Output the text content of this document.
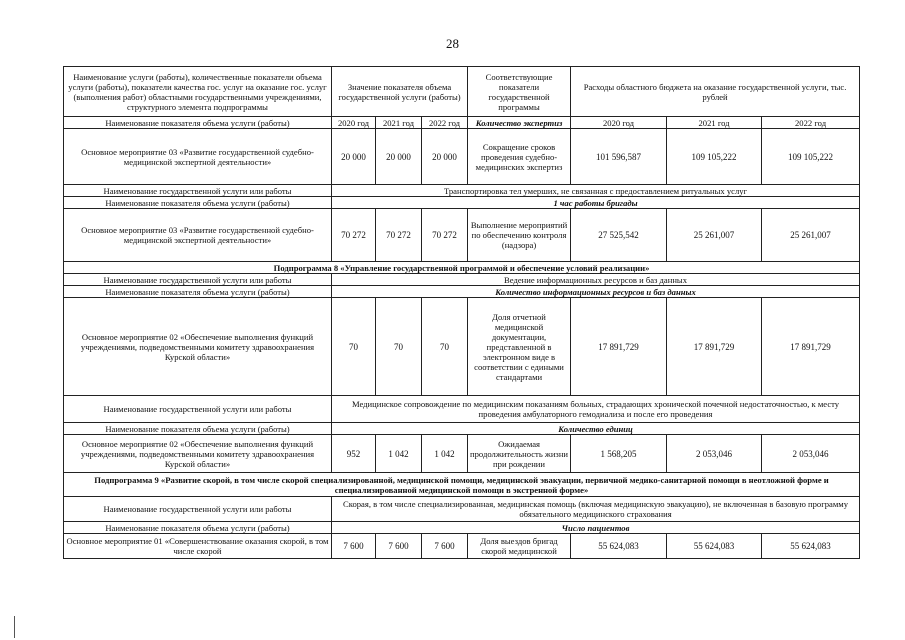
28
Наименование услуги (работы), количественные показатели объема услуги (работы), показатели качества гос. услуг на оказание гос. услуг (выполнения работ) областными государственными учреждениями, структурного элемента подпрограммы	Значение показателя объема государственной услуги (работы)			Соответствующие показатели государственной программы	Расходы областного бюджета на оказание государственной услуги, тыс. рублей		
Наименование показателя объема услуги (работы)	2020 год	2021 год	2022 год	Количество экспертиз	2020 год	2021 год	2022 год
Основное мероприятие 03 «Развитие государственной судебно-медицинской экспертной деятельности»	20 000	20 000	20 000	Сокращение сроков проведения судебно-медицинских экспертиз	101 596,587	109 105,222	109 105,222
Наименование государственной услуги или работы	Транспортировка тел умерших, не связанная с предоставлением ритуальных услуг						
Наименование показателя объема услуги (работы)	1 час работы бригады						
Основное мероприятие 03 «Развитие государственной судебно-медицинской экспертной деятельности»	70 272	70 272	70 272	Выполнение мероприятий по обеспечению контроля (надзора)	27 525,542	25 261,007	25 261,007
Подпрограмма 8 «Управление государственной программой и обеспечение условий реализации»							
Наименование государственной услуги или работы	Ведение информационных ресурсов и баз данных						
Наименование показателя объема услуги (работы)	Количество информационных ресурсов и баз данных						
Основное мероприятие 02 «Обеспечение выполнения функций учреждениями, подведомственными комитету здравоохранения Курской области»	70	70	70	Доля отчетной медицинской документации, представленной в электронном виде в соответствии с едиными стандартами	17 891,729	17 891,729	17 891,729
Наименование государственной услуги или работы	Медицинское сопровождение по медицинским показаниям больных, страдающих хронической почечной недостаточностью, к месту проведения амбулаторного гемодиализа и после его проведения						
Наименование показателя объема услуги (работы)	Количество единиц						
Основное мероприятие 02 «Обеспечение выполнения функций учреждениями, подведомственными комитету здравоохранения Курской области»	952	1 042	1 042	Ожидаемая продолжительность жизни при рождении	1 568,205	2 053,046	2 053,046
Подпрограмма 9 «Развитие скорой, в том числе скорой специализированной, медицинской помощи, медицинской эвакуации, первичной медико-санитарной помощи в неотложной форме и специализированной медицинской помощи в экстренной форме»							
Наименование государственной услуги или работы	Скорая, в том числе специализированная, медицинская помощь (включая медицинскую эвакуацию), не включенная в базовую программу обязательного медицинского страхования						
Наименование показателя объема услуги (работы)	Число пациентов						
Основное мероприятие 01 «Совершенствование оказания скорой, в том числе скорой	7 600	7 600	7 600	Доля выездов бригад скорой медицинской	55 624,083	55 624,083	55 624,083
